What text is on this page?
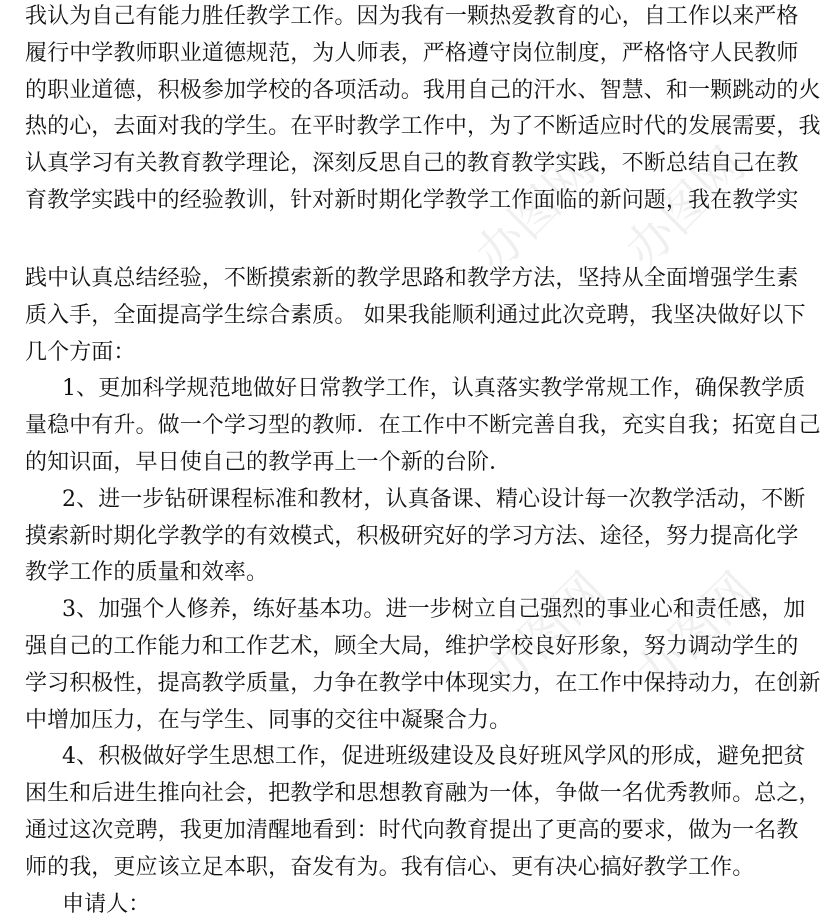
办图网 办图网
办图网 办图网
我认为自己有能力胜任教学工作。因为我有一颗热爱教育的心，自工作以来严格
履行中学教师职业道德规范，为人师表，严格遵守岗位制度，严格恪守人民教师
的职业道德，积极参加学校的各项活动。我用自己的汗水、智慧、和一颗跳动的火
热的心，去面对我的学生。在平时教学工作中，为了不断适应时代的发展需要，我
认真学习有关教育教学理论，深刻反思自己的教育教学实践，不断总结自己在教
育教学实践中的经验教训，针对新时期化学教学工作面临的新问题，我在教学实
践中认真总结经验，不断摸索新的教学思路和教学方法，坚持从全面增强学生素
质入手，全面提高学生综合素质。 如果我能顺利通过此次竞聘，我坚决做好以下
几个方面：
1、更加科学规范地做好日常教学工作，认真落实教学常规工作，确保教学质
量稳中有升。做一个学习型的教师．在工作中不断完善自我，充实自我；拓宽自己
的知识面，早日使自己的教学再上一个新的台阶．
2、进一步钻研课程标准和教材，认真备课、精心设计每一次教学活动，不断
摸索新时期化学教学的有效模式，积极研究好的学习方法、途径，努力提高化学
教学工作的质量和效率。
3、加强个人修养，练好基本功。进一步树立自己强烈的事业心和责任感，加
强自己的工作能力和工作艺术，顾全大局，维护学校良好形象，努力调动学生的
学习积极性，提高教学质量，力争在教学中体现实力，在工作中保持动力，在创新
中增加压力，在与学生、同事的交往中凝聚合力。
4、积极做好学生思想工作，促进班级建设及良好班风学风的形成，避免把贫
困生和后进生推向社会，把教学和思想教育融为一体，争做一名优秀教师。总之，
通过这次竞聘，我更加清醒地看到：时代向教育提出了更高的要求，做为一名教
师的我，更应该立足本职，奋发有为。我有信心、更有决心搞好教学工作。
申请人：
